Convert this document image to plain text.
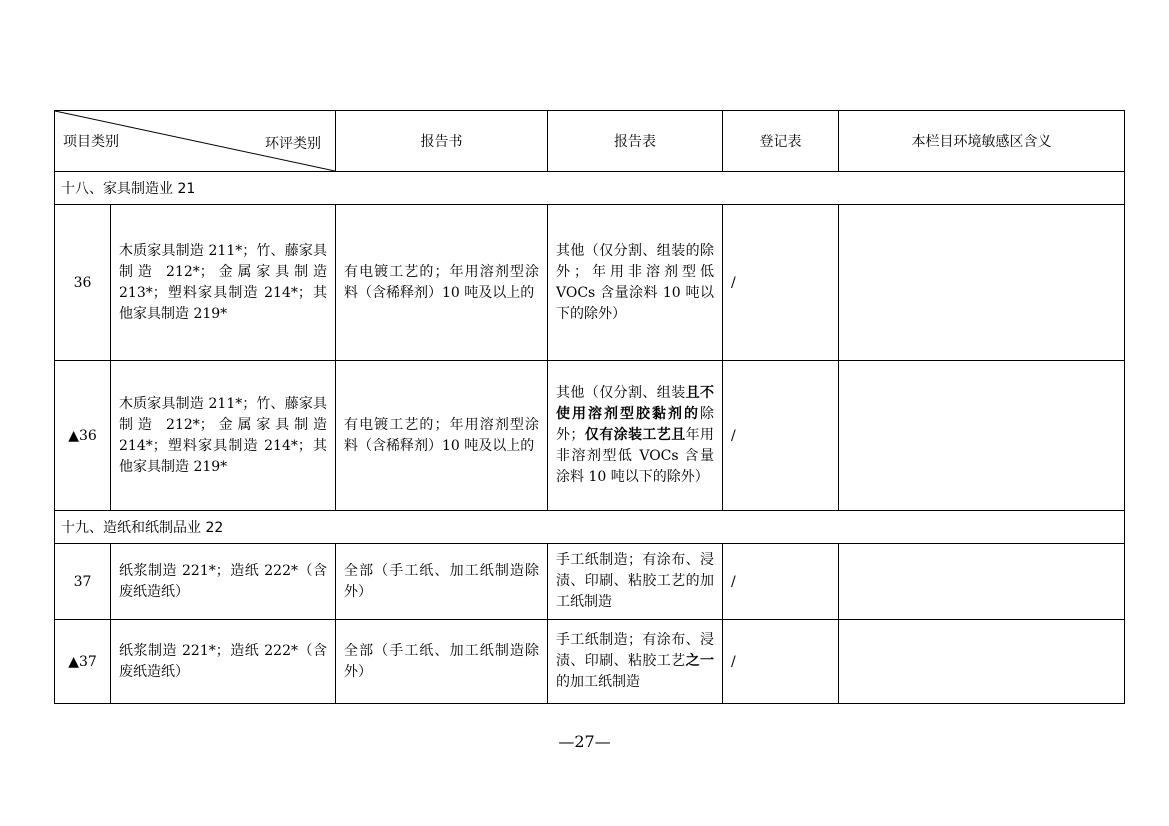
项目类别 环评类别		报告书	报告表	登记表	本栏目环境敏感区含义
十八、家具制造业 21					
36	木质家具制造 211*；竹、藤家具制造 212*；金属家具制造 213*；塑料家具制造 214*；其他家具制造 219*	有电镀工艺的；年用溶剂型涂料（含稀释剂）10 吨及以上的	其他（仅分割、组装的除外；年用非溶剂型低 VOCs 含量涂料 10 吨以下的除外）	/	
▲36	木质家具制造 211*；竹、藤家具制造 212*；金属家具制造 214*；塑料家具制造 214*；其他家具制造 219*	有电镀工艺的；年用溶剂型涂料（含稀释剂）10 吨及以上的	其他（仅分割、组装且不使用溶剂型胶黏剂的除外；仅有涂装工艺且年用非溶剂型低 VOCs 含量涂料 10 吨以下的除外）	/	
十九、造纸和纸制品业 22					
37	纸浆制造 221*；造纸 222*（含废纸造纸）	全部（手工纸、加工纸制造除外）	手工纸制造；有涂布、浸渍、印刷、粘胶工艺的加工纸制造	/	
▲37	纸浆制造 221*；造纸 222*（含废纸造纸）	全部（手工纸、加工纸制造除外）	手工纸制造；有涂布、浸渍、印刷、粘胶工艺之一的加工纸制造	/	
—27—
